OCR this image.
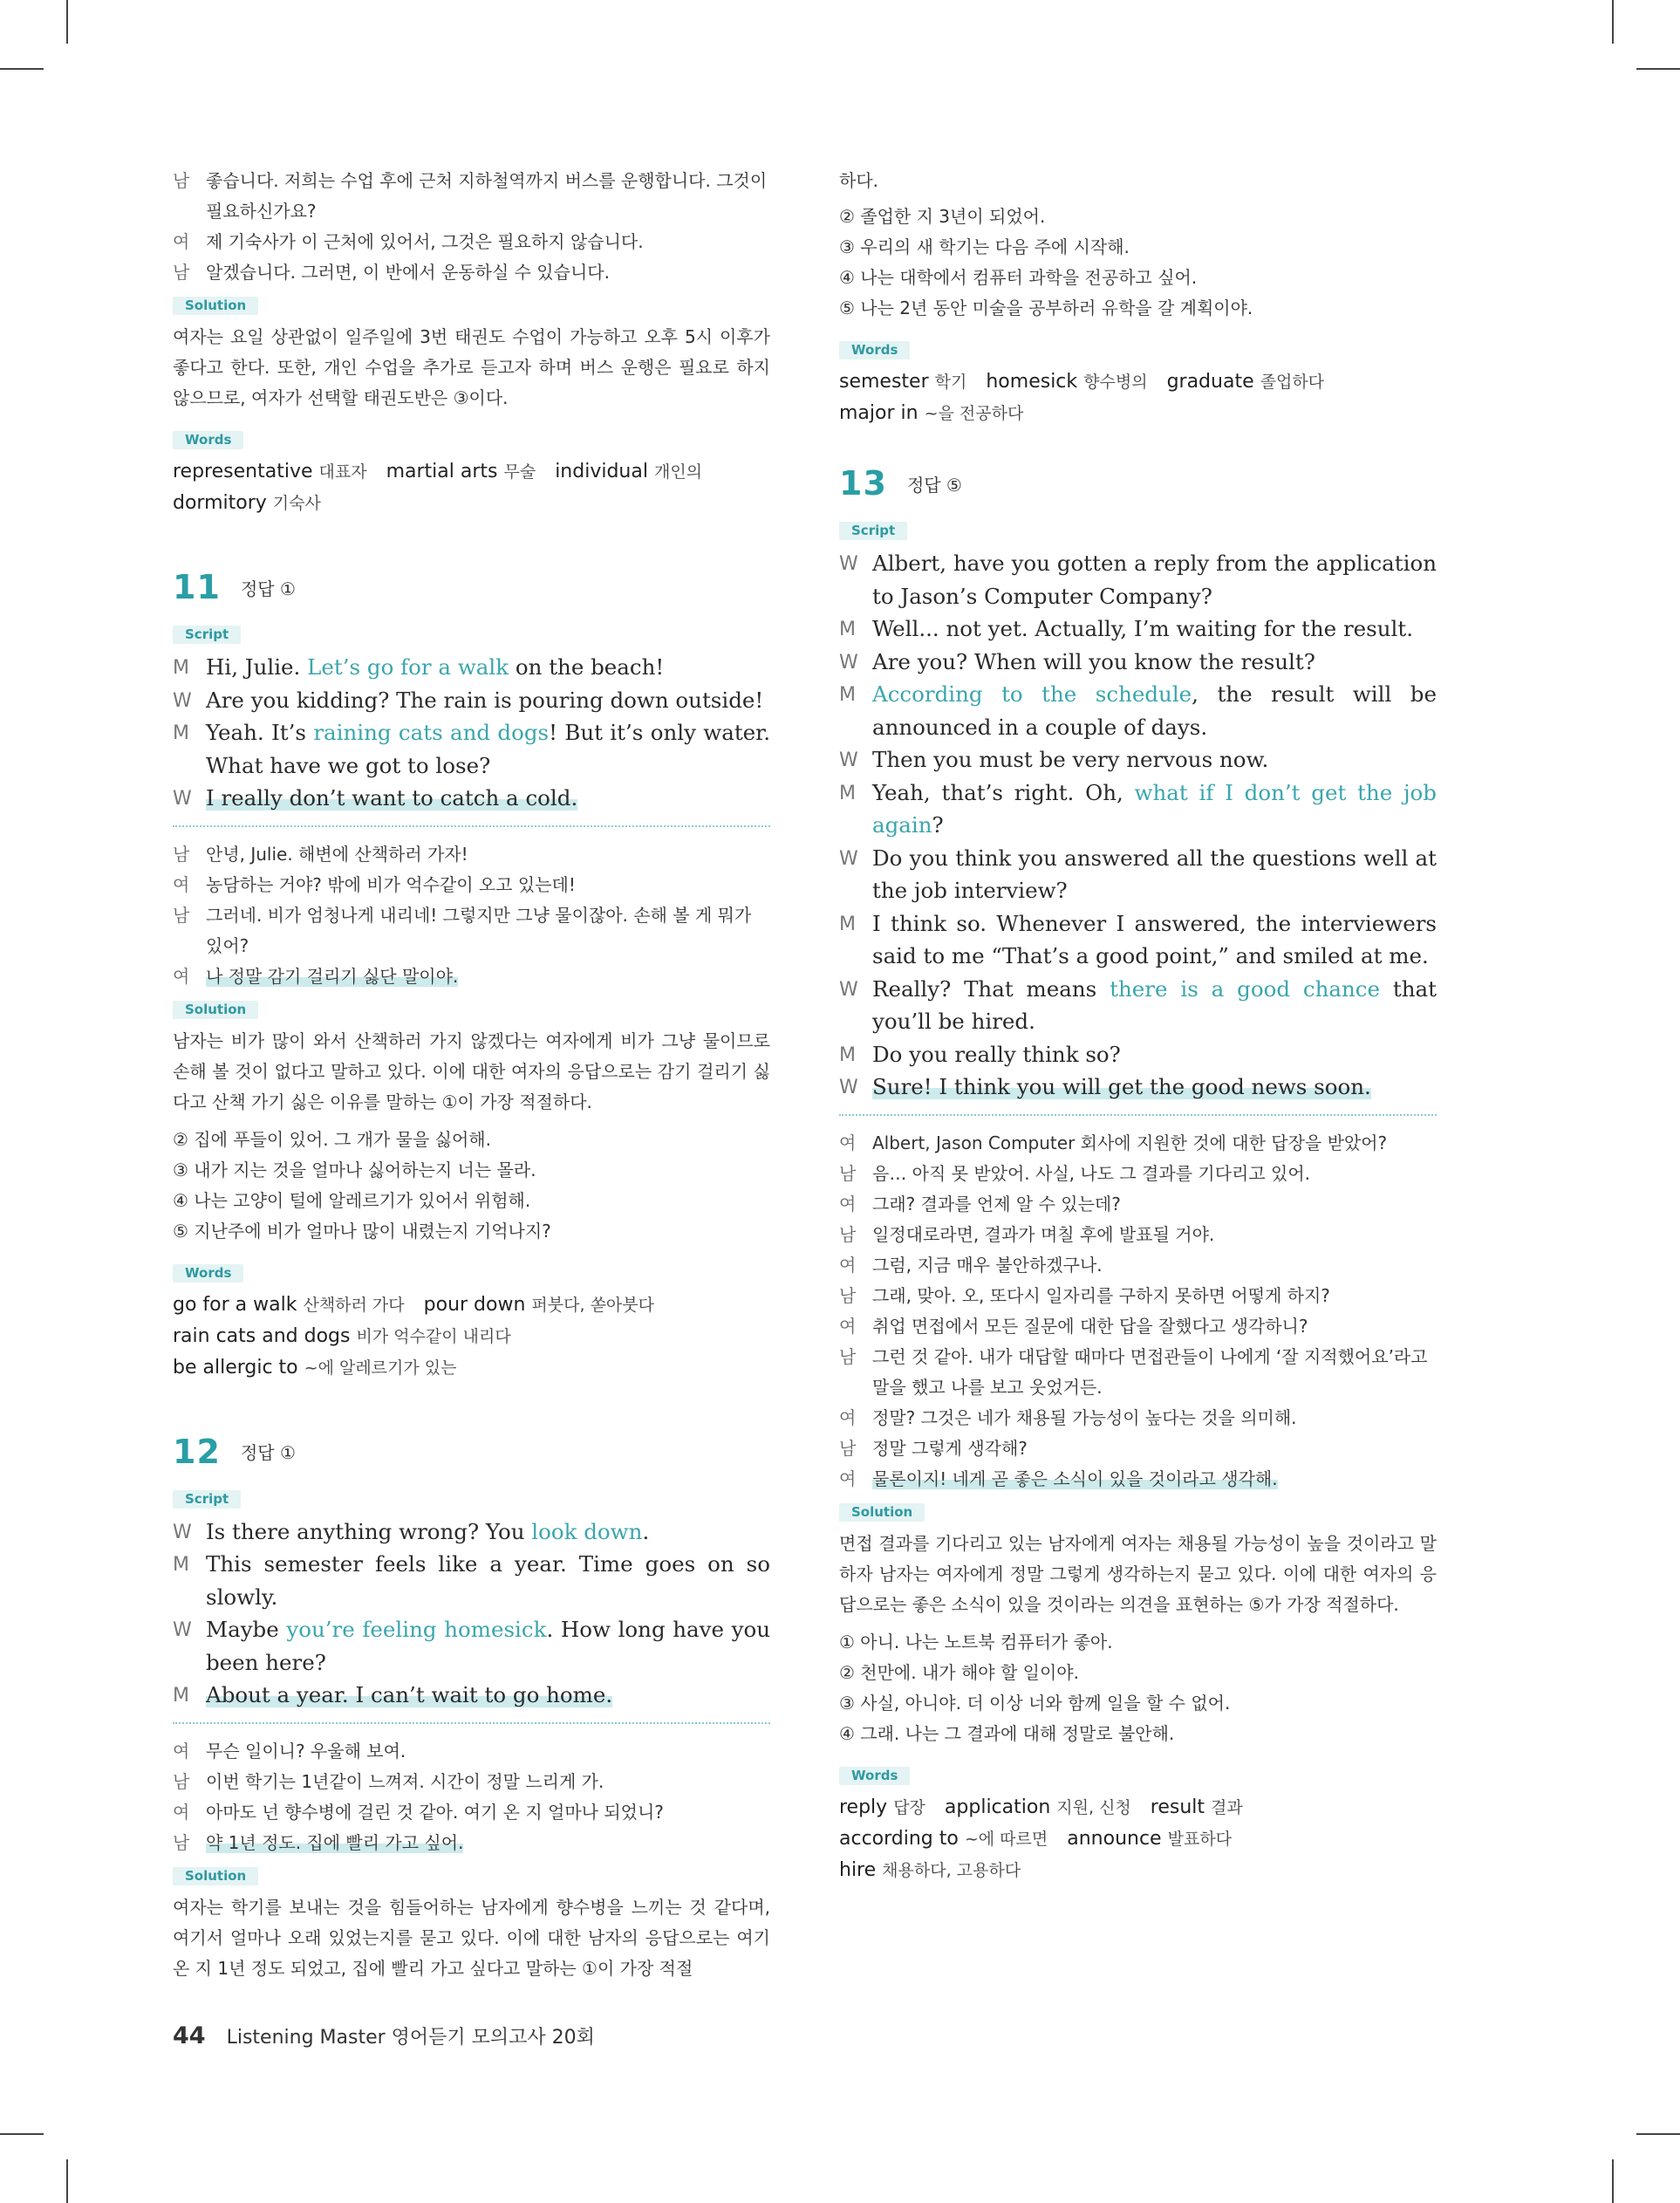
남 좋습니다. 저희는 수업 후에 근처 지하철역까지 버스를 운행합니다. 그것이 필요하신가요?
여 제 기숙사가 이 근처에 있어서, 그것은 필요하지 않습니다.
남 알겠습니다. 그러면, 이 반에서 운동하실 수 있습니다.
Solution
여자는 요일 상관없이 일주일에 3번 태권도 수업이 가능하고 오후 5시 이후가 좋다고 한다. 또한, 개인 수업을 추가로 듣고자 하며 버스 운행은 필요로 하지 않으므로, 여자가 선택할 태권도반은 ③이다.
Words
representative 대표자 martial arts 무술 individual 개인의
dormitory 기숙사
11 정답 ①
Script
M Hi, Julie. Let’s go for a walk on the beach!
W Are you kidding? The rain is pouring down outside!
M Yeah. It’s raining cats and dogs! But it’s only water. What have we got to lose?
W I really don’t want to catch a cold.
남 안녕, Julie. 해변에 산책하러 가자!
여 농담하는 거야? 밖에 비가 억수같이 오고 있는데!
남 그러네. 비가 엄청나게 내리네! 그렇지만 그냥 물이잖아. 손해 볼 게 뭐가 있어?
여 나 정말 감기 걸리기 싫단 말이야.
Solution
남자는 비가 많이 와서 산책하러 가지 않겠다는 여자에게 비가 그냥 물이므로 손해 볼 것이 없다고 말하고 있다. 이에 대한 여자의 응답으로는 감기 걸리기 싫다고 산책 가기 싫은 이유를 말하는 ①이 가장 적절하다.
② 집에 푸들이 있어. 그 개가 물을 싫어해.
③ 내가 지는 것을 얼마나 싫어하는지 너는 몰라.
④ 나는 고양이 털에 알레르기가 있어서 위험해.
⑤ 지난주에 비가 얼마나 많이 내렸는지 기억나지?
Words
go for a walk 산책하러 가다 pour down 퍼붓다, 쏟아붓다
rain cats and dogs 비가 억수같이 내리다
be allergic to ~에 알레르기가 있는
12 정답 ①
Script
W Is there anything wrong? You look down.
M This semester feels like a year. Time goes on so slowly.
W Maybe you’re feeling homesick. How long have you been here?
M About a year. I can’t wait to go home.
여 무슨 일이니? 우울해 보여.
남 이번 학기는 1년같이 느껴져. 시간이 정말 느리게 가.
여 아마도 넌 향수병에 걸린 것 같아. 여기 온 지 얼마나 되었니?
남 약 1년 정도. 집에 빨리 가고 싶어.
Solution
여자는 학기를 보내는 것을 힘들어하는 남자에게 향수병을 느끼는 것 같다며, 여기서 얼마나 오래 있었는지를 묻고 있다. 이에 대한 남자의 응답으로는 여기 온 지 1년 정도 되었고, 집에 빨리 가고 싶다고 말하는 ①이 가장 적절
하다.
② 졸업한 지 3년이 되었어.
③ 우리의 새 학기는 다음 주에 시작해.
④ 나는 대학에서 컴퓨터 과학을 전공하고 싶어.
⑤ 나는 2년 동안 미술을 공부하러 유학을 갈 계획이야.
Words
semester 학기 homesick 향수병의 graduate 졸업하다
major in ~을 전공하다
13 정답 ⑤
Script
W Albert, have you gotten a reply from the application to Jason’s Computer Company?
M Well... not yet. Actually, I’m waiting for the result.
W Are you? When will you know the result?
M According to the schedule, the result will be announced in a couple of days.
W Then you must be very nervous now.
M Yeah, that’s right. Oh, what if I don’t get the job again?
W Do you think you answered all the questions well at the job interview?
M I think so. Whenever I answered, the interviewers said to me “That’s a good point,” and smiled at me.
W Really? That means there is a good chance that you’ll be hired.
M Do you really think so?
W Sure! I think you will get the good news soon.
여 Albert, Jason Computer 회사에 지원한 것에 대한 답장을 받았어?
남 음… 아직 못 받았어. 사실, 나도 그 결과를 기다리고 있어.
여 그래? 결과를 언제 알 수 있는데?
남 일정대로라면, 결과가 며칠 후에 발표될 거야.
여 그럼, 지금 매우 불안하겠구나.
남 그래, 맞아. 오, 또다시 일자리를 구하지 못하면 어떻게 하지?
여 취업 면접에서 모든 질문에 대한 답을 잘했다고 생각하니?
남 그런 것 같아. 내가 대답할 때마다 면접관들이 나에게 ‘잘 지적했어요’라고 말을 했고 나를 보고 웃었거든.
여 정말? 그것은 네가 채용될 가능성이 높다는 것을 의미해.
남 정말 그렇게 생각해?
여 물론이지! 네게 곧 좋은 소식이 있을 것이라고 생각해.
Solution
면접 결과를 기다리고 있는 남자에게 여자는 채용될 가능성이 높을 것이라고 말하자 남자는 여자에게 정말 그렇게 생각하는지 묻고 있다. 이에 대한 여자의 응답으로는 좋은 소식이 있을 것이라는 의견을 표현하는 ⑤가 가장 적절하다.
① 아니. 나는 노트북 컴퓨터가 좋아.
② 천만에. 내가 해야 할 일이야.
③ 사실, 아니야. 더 이상 너와 함께 일을 할 수 없어.
④ 그래. 나는 그 결과에 대해 정말로 불안해.
Words
reply 답장 application 지원, 신청 result 결과
according to ~에 따르면 announce 발표하다
hire 채용하다, 고용하다
44 Listening Master 영어듣기 모의고사 20회
